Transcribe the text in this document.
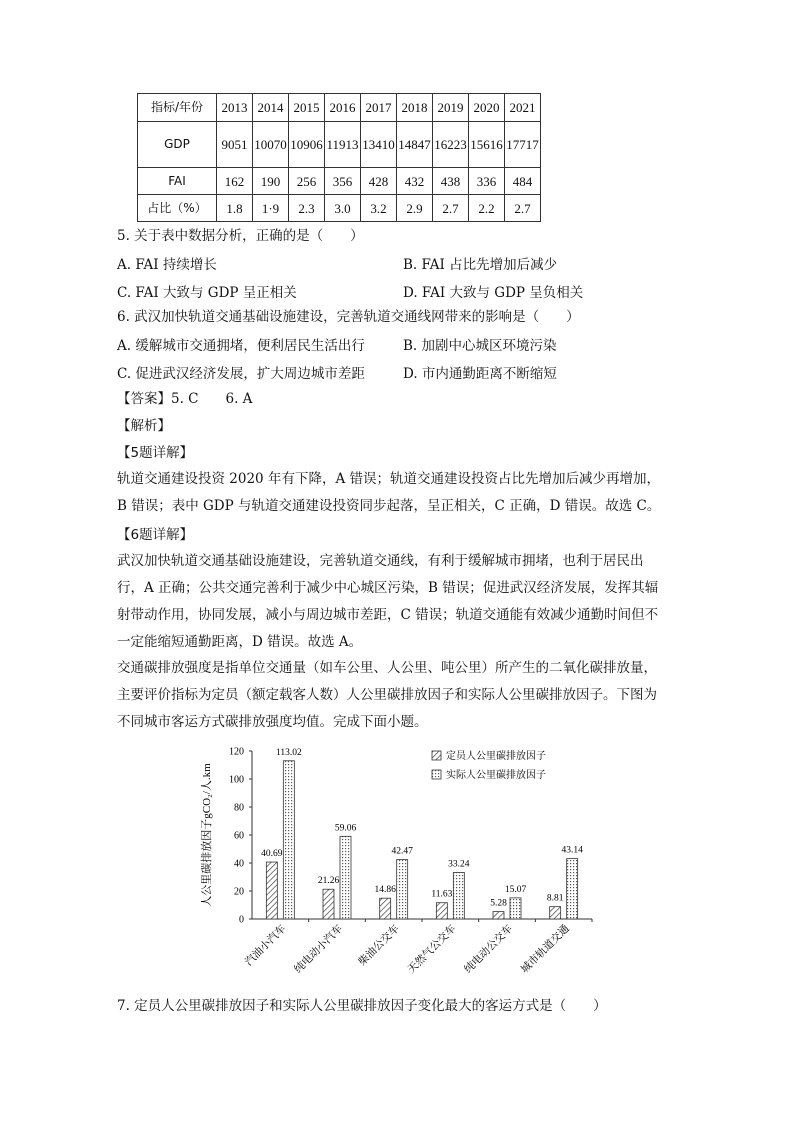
指标/年份	2013	2014	2015	2016	2017	2018	2019	2020	2021
GDP	9051	10070	10906	11913	13410	14847	16223	15616	17717
FAI	162	190	256	356	428	432	438	336	484
占比（%）	1.8	1·9	2.3	3.0	3.2	2.9	2.7	2.2	2.7
5. 关于表中数据分析，正确的是（　　）
A. FAI 持续增长	B. FAI 占比先增加后减少
C. FAI 大致与 GDP 呈正相关	D. FAI 大致与 GDP 呈负相关
6. 武汉加快轨道交通基础设施建设，完善轨道交通线网带来的影响是（　　）
A. 缓解城市交通拥堵，便利居民生活出行	B. 加剧中心城区环境污染
C. 促进武汉经济发展，扩大周边城市差距	D. 市内通勤距离不断缩短
【答案】5. C　　6. A
【解析】
【5题详解】
轨道交通建设投资 2020 年有下降，A 错误；轨道交通建设投资占比先增加后减少再增加，B 错误；表中 GDP 与轨道交通建设投资同步起落，呈正相关，C 正确，D 错误。故选 C。
【6题详解】
武汉加快轨道交通基础设施建设，完善轨道交通线，有利于缓解城市拥堵，也利于居民出行，A 正确；公共交通完善利于减少中心城区污染，B 错误；促进武汉经济发展，发挥其辐射带动作用，协同发展，减小与周边城市差距，C 错误；轨道交通能有效减少通勤时间但不一定能缩短通勤距离，D 错误。故选 A。
交通碳排放强度是指单位交通量（如车公里、人公里、吨公里）所产生的二氧化碳排放量，主要评价指标为定员（额定载客人数）人公里碳排放因子和实际人公里碳排放因子。下图为不同城市客运方式碳排放强度均值。完成下面小题。
人公里碳排放因子gCO₂/人.km
0
20
40
60
80
100
120
40.69
113.02
21.26
59.06
14.86
42.47
11.63
33.24
5.28
15.07
8.81
43.14
汽油小汽车 纯电动小汽车 柴油公交车 天然气公交车 纯电动公交车 城市轨道交通
定员人公里碳排放因子
实际人公里碳排放因子
7. 定员人公里碳排放因子和实际人公里碳排放因子变化最大的客运方式是（　　）
